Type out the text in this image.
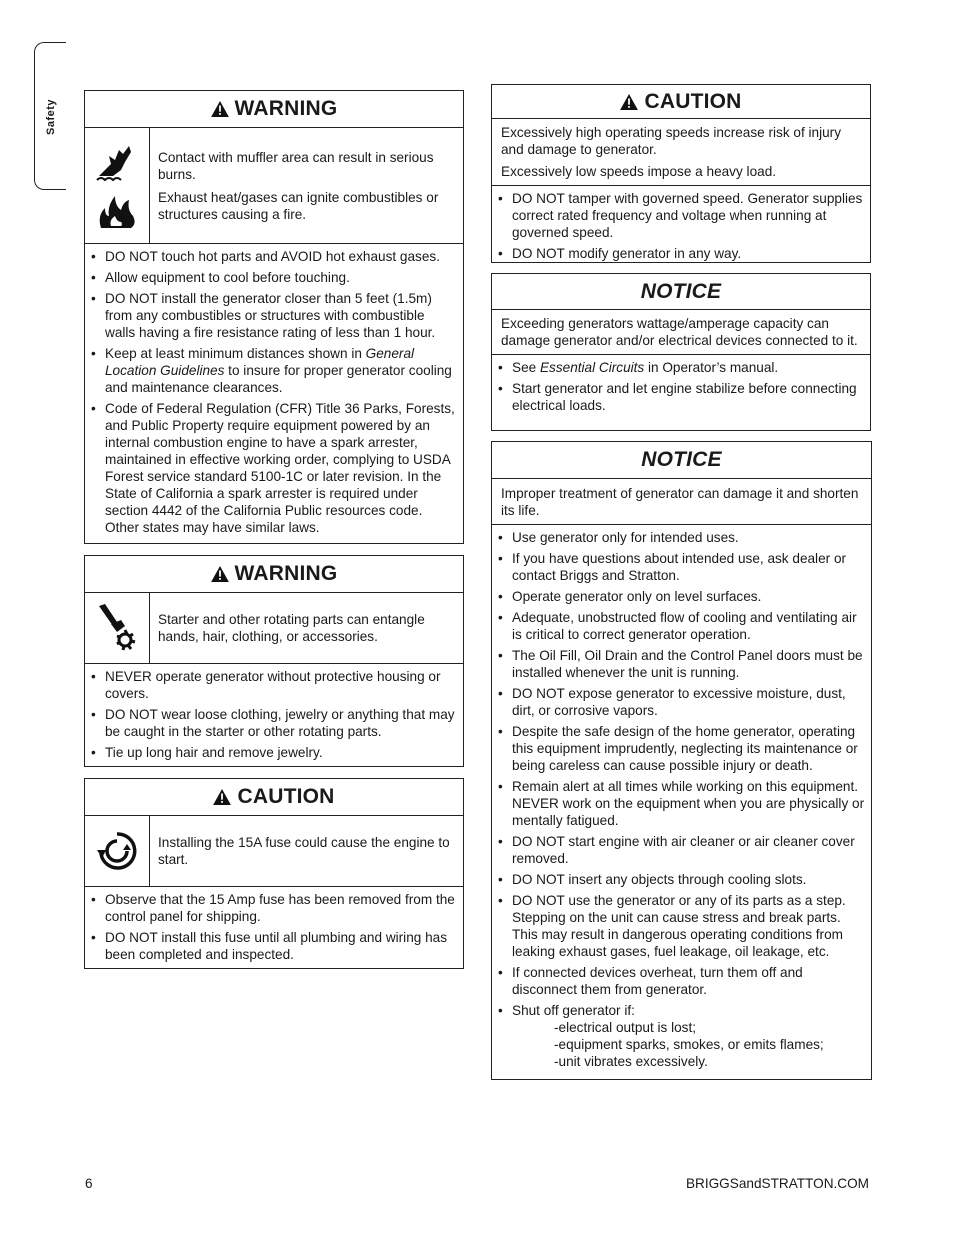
Safety	WARNING

Contact with muffler area can result in serious burns.

Exhaust heat/gases can ignite combustibles or structures causing a fire.

• DO NOT touch hot parts and AVOID hot exhaust gases.
• Allow equipment to cool before touching.
• DO NOT install the generator closer than 5 feet (1.5m) from any combustibles or structures with combustible walls having a fire resistance rating of less than 1 hour.
• Keep at least minimum distances shown in General Location Guidelines to insure for proper generator cooling and maintenance clearances.
• Code of Federal Regulation (CFR) Title 36 Parks, Forests, and Public Property require equipment powered by an internal combustion engine to have a spark arrester, maintained in effective working order, complying to USDA Forest service standard 5100-1C or later revision. In the State of California a spark arrester is required under section 4442 of the California Public resources code. Other states may have similar laws.
WARNING

Starter and other rotating parts can entangle hands, hair, clothing, or accessories.

• NEVER operate generator without protective housing or covers.
• DO NOT wear loose clothing, jewelry or anything that may be caught in the starter or other rotating parts.
• Tie up long hair and remove jewelry.
CAUTION

Installing the 15A fuse could cause the engine to start.

• Observe that the 15 Amp fuse has been removed from the control panel for shipping.
• DO NOT install this fuse until all plumbing and wiring has been completed and inspected.
CAUTION

Excessively high operating speeds increase risk of injury and damage to generator.

Excessively low speeds impose a heavy load.

• DO NOT tamper with governed speed. Generator supplies correct rated frequency and voltage when running at governed speed.
• DO NOT modify generator in any way.
NOTICE

Exceeding generators wattage/amperage capacity can damage generator and/or electrical devices connected to it.

• See Essential Circuits in Operator’s manual.
• Start generator and let engine stabilize before connecting electrical loads.
NOTICE

Improper treatment of generator can damage it and shorten its life.

• Use generator only for intended uses.
• If you have questions about intended use, ask dealer or contact Briggs and Stratton.
• Operate generator only on level surfaces.
• Adequate, unobstructed flow of cooling and ventilating air is critical to correct generator operation.
• The Oil Fill, Oil Drain and the Control Panel doors must be installed whenever the unit is running.
• DO NOT expose generator to excessive moisture, dust, dirt, or corrosive vapors.
• Despite the safe design of the home generator, operating this equipment imprudently, neglecting its maintenance or being careless can cause possible injury or death.
• Remain alert at all times while working on this equipment. NEVER work on the equipment when you are physically or mentally fatigued.
• DO NOT start engine with air cleaner or air cleaner cover removed.
• DO NOT insert any objects through cooling slots.
• DO NOT use the generator or any of its parts as a step. Stepping on the unit can cause stress and break parts. This may result in dangerous operating conditions from leaking exhaust gases, fuel leakage, oil leakage, etc.
• If connected devices overheat, turn them off and disconnect them from generator.
• Shut off generator if:
-electrical output is lost;
-equipment sparks, smokes, or emits flames;
-unit vibrates excessively.
6	BRIGGSandSTRATTON.COM
